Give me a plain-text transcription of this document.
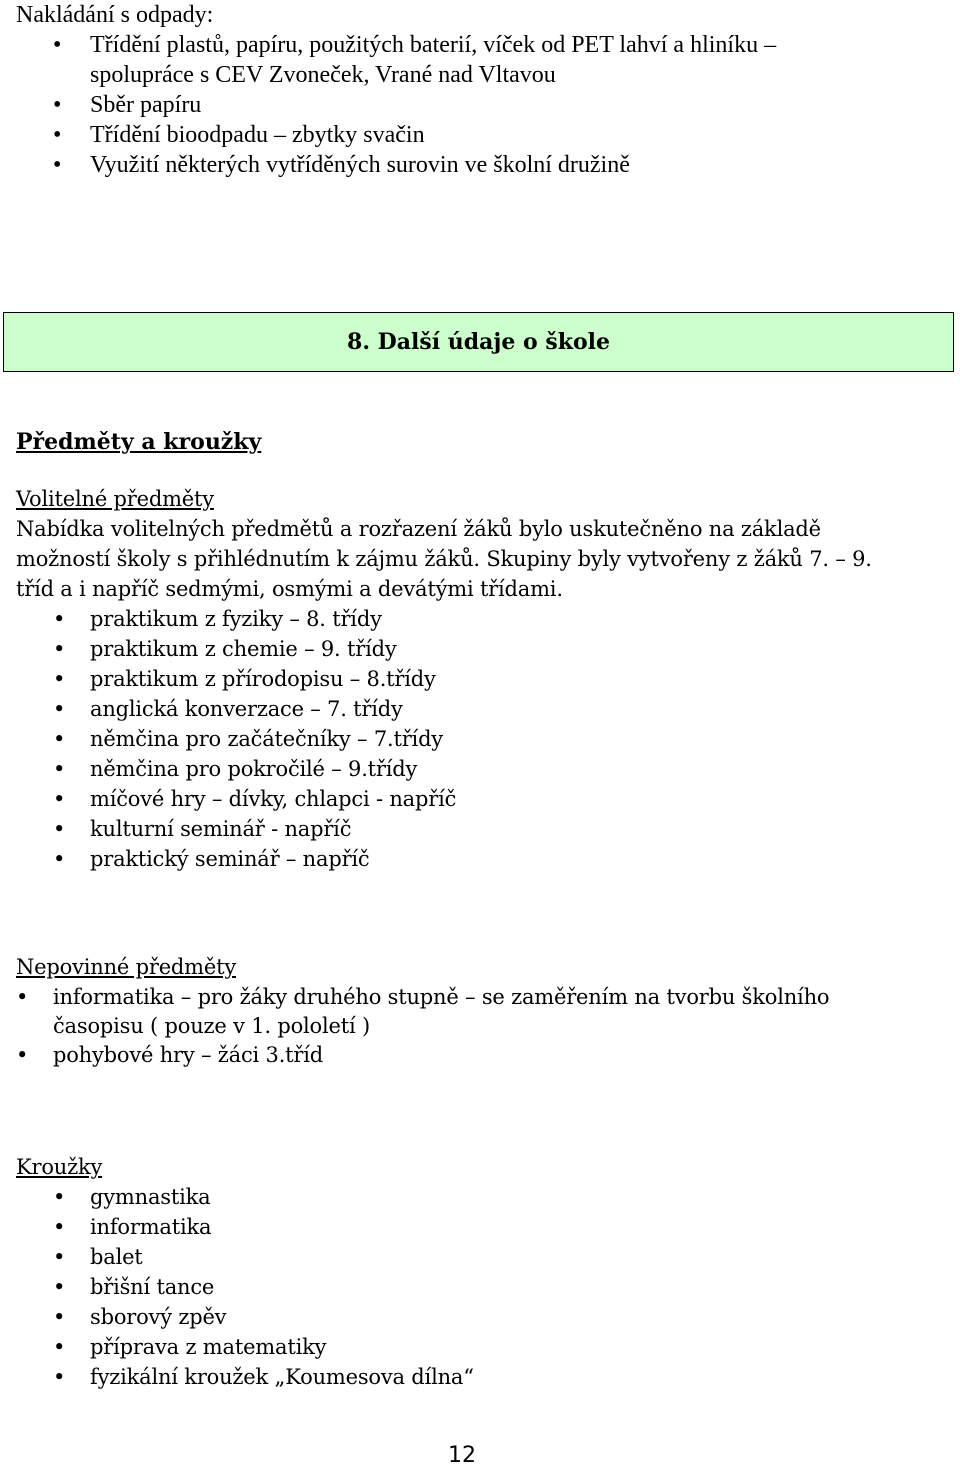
Nakládání s odpady:
• Třídění plastů, papíru, použitých baterií, víček od PET lahví a hliníku –
spolupráce s CEV Zvoneček, Vrané nad Vltavou
• Sběr papíru
• Třídění bioodpadu – zbytky svačin
• Využití některých vytříděných surovin ve školní družině
8. Další údaje o škole
Předměty a kroužky
Volitelné předměty
Nabídka volitelných předmětů a rozřazení žáků bylo uskutečněno na základě
možností školy s přihlédnutím k zájmu žáků. Skupiny byly vytvořeny z žáků 7. – 9.
tříd a i napříč sedmými, osmými a devátými třídami.
• praktikum z fyziky – 8. třídy
• praktikum z chemie – 9. třídy
• praktikum z přírodopisu – 8.třídy
• anglická konverzace – 7. třídy
• němčina pro začátečníky – 7.třídy
• němčina pro pokročilé – 9.třídy
• míčové hry – dívky, chlapci - napříč
• kulturní seminář - napříč
• praktický seminář – napříč
Nepovinné předměty
• informatika – pro žáky druhého stupně – se zaměřením na tvorbu školního
časopisu ( pouze v 1. pololetí )
• pohybové hry – žáci 3.tříd
Kroužky
• gymnastika
• informatika
• balet
• břišní tance
• sborový zpěv
• příprava z matematiky
• fyzikální kroužek „Koumesova dílna“
12
